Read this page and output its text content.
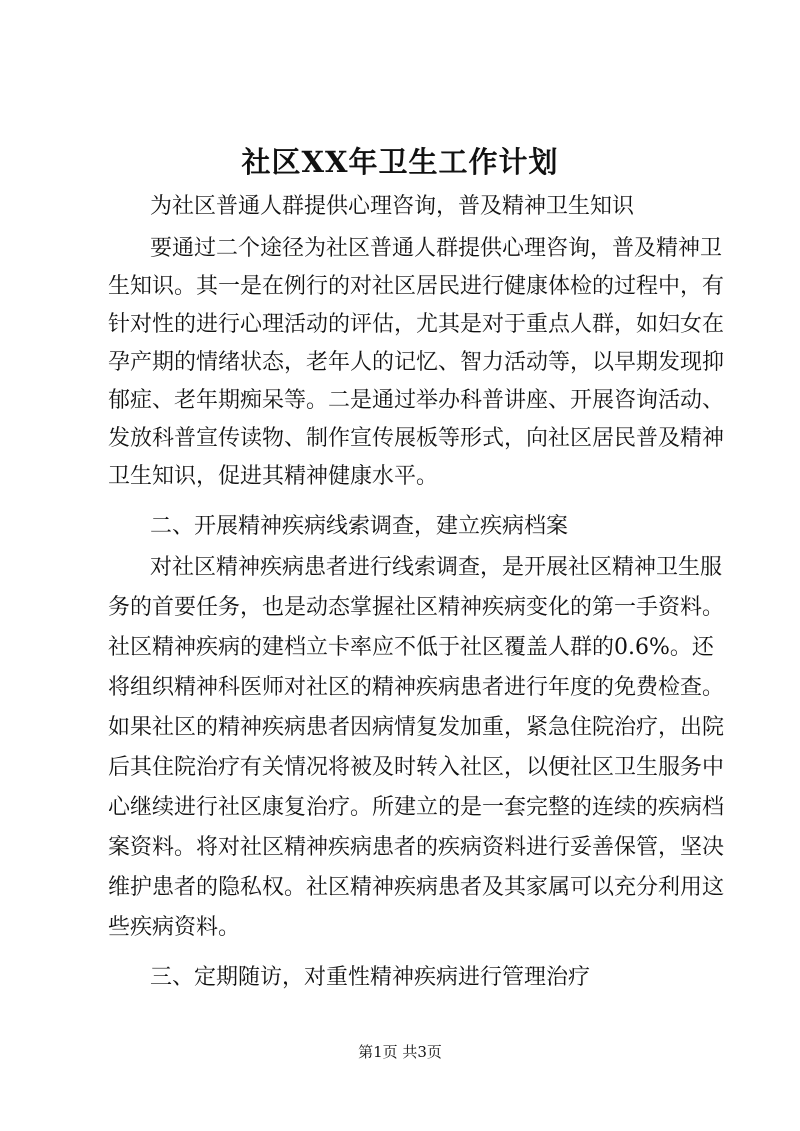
社区XX年卫生工作计划
为社区普通人群提供心理咨询，普及精神卫生知识
要通过二个途径为社区普通人群提供心理咨询，普及精神卫
生知识。其一是在例行的对社区居民进行健康体检的过程中，有
针对性的进行心理活动的评估，尤其是对于重点人群，如妇女在
孕产期的情绪状态，老年人的记忆、智力活动等，以早期发现抑
郁症、老年期痴呆等。二是通过举办科普讲座、开展咨询活动、
发放科普宣传读物、制作宣传展板等形式，向社区居民普及精神
卫生知识，促进其精神健康水平。
二、开展精神疾病线索调查，建立疾病档案
对社区精神疾病患者进行线索调查，是开展社区精神卫生服
务的首要任务，也是动态掌握社区精神疾病变化的第一手资料。
社区精神疾病的建档立卡率应不低于社区覆盖人群的0.6%。还
将组织精神科医师对社区的精神疾病患者进行年度的免费检查。
如果社区的精神疾病患者因病情复发加重，紧急住院治疗，出院
后其住院治疗有关情况将被及时转入社区，以便社区卫生服务中
心继续进行社区康复治疗。所建立的是一套完整的连续的疾病档
案资料。将对社区精神疾病患者的疾病资料进行妥善保管，坚决
维护患者的隐私权。社区精神疾病患者及其家属可以充分利用这
些疾病资料。
三、定期随访，对重性精神疾病进行管理治疗
第1页 共3页
